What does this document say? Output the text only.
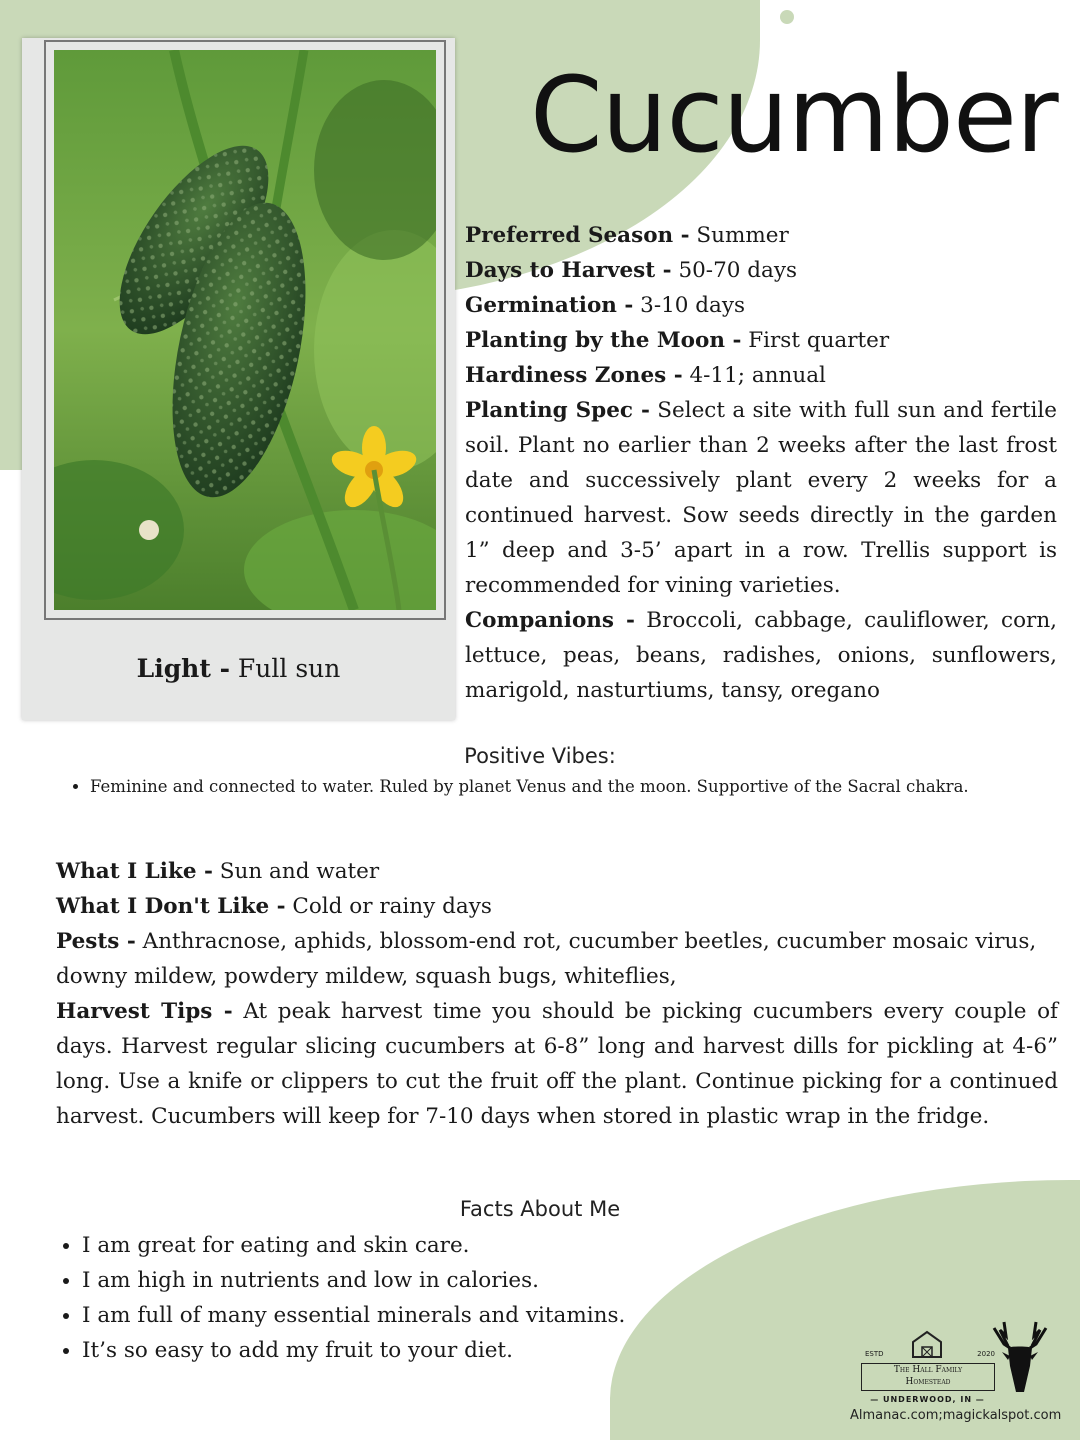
Light - Full sun
Cucumber

Preferred Season - Summer

Days to Harvest - 50-70 days

Germination - 3-10 days

Planting by the Moon - First quarter

Hardiness Zones - 4-11; annual

Planting Spec - Select a site with full sun and fertile soil. Plant no earlier than 2 weeks after the last frost date and successively plant every 2 weeks for a continued harvest. Sow seeds directly in the garden 1” deep and 3-5’ apart in a row. Trellis support is recommended for vining varieties.

Companions - Broccoli, cabbage, cauliflower, corn, lettuce, peas, beans, radishes, onions, sunflowers, marigold, nasturtiums, tansy, oregano

Positive Vibes:
• Feminine and connected to water. Ruled by planet Venus and the moon. Supportive of the Sacral chakra.

What I Like - Sun and water

What I Don't Like - Cold or rainy days

Pests - Anthracnose, aphids, blossom-end rot, cucumber beetles, cucumber mosaic virus, downy mildew, powdery mildew, squash bugs, whiteflies,

Harvest Tips - At peak harvest time you should be picking cucumbers every couple of days. Harvest regular slicing cucumbers at 6-8” long and harvest dills for pickling at 4-6” long. Use a knife or clippers to cut the fruit off the plant. Continue picking for a continued harvest. Cucumbers will keep for 7-10 days when stored in plastic wrap in the fridge.

Facts About Me
• I am great for eating and skin care.
• I am high in nutrients and low in calories.
• I am full of many essential minerals and vitamins.
• It’s so easy to add my fruit to your diet.	ESTD	2020
The Hall Family
Homestead
— UNDERWOOD, IN —
Almanac.com;magickalspot.com
